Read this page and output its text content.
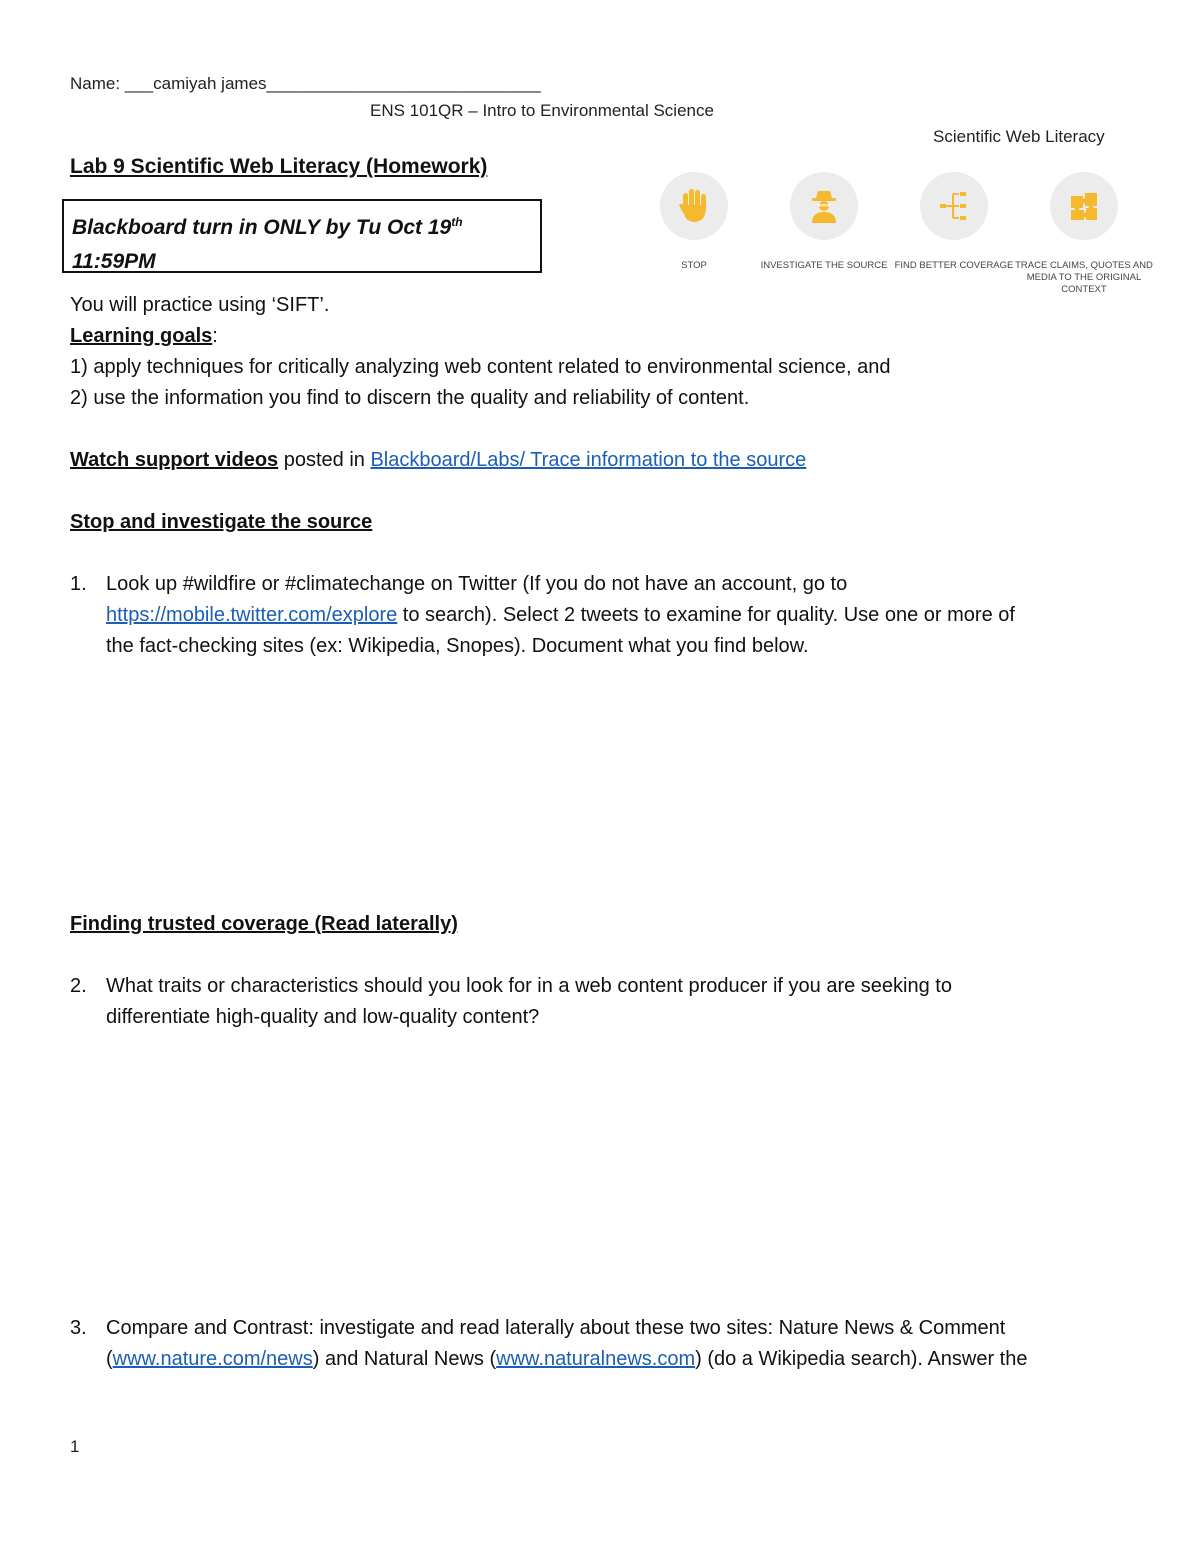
Name: ___camiyah james_____________________________
ENS 101QR – Intro to Environmental Science
Scientific Web Literacy
Lab 9 Scientific Web Literacy (Homework)
Blackboard turn in ONLY by Tu Oct 19th
11:59PM	STOP	INVESTIGATE THE SOURCE FIND BETTER COVERAGE TRACE CLAIMS, QUOTES AND MEDIA TO THE ORIGINAL CONTEXT
You will practice using ‘SIFT’.
Learning goals:
1) apply techniques for critically analyzing web content related to environmental science, and
2) use the information you find to discern the quality and reliability of content.
Watch support videos posted in Blackboard/Labs/ Trace information to the source
Stop and investigate the source
1. Look up #wildfire or #climatechange on Twitter (If you do not have an account, go to
https://mobile.twitter.com/explore to search). Select 2 tweets to examine for quality. Use one or more of
the fact-checking sites (ex: Wikipedia, Snopes). Document what you find below.
Finding trusted coverage (Read laterally)
2. What traits or characteristics should you look for in a web content producer if you are seeking to
differentiate high-quality and low-quality content?
3. Compare and Contrast: investigate and read laterally about these two sites: Nature News & Comment
(www.nature.com/news) and Natural News (www.naturalnews.com) (do a Wikipedia search). Answer the
1
